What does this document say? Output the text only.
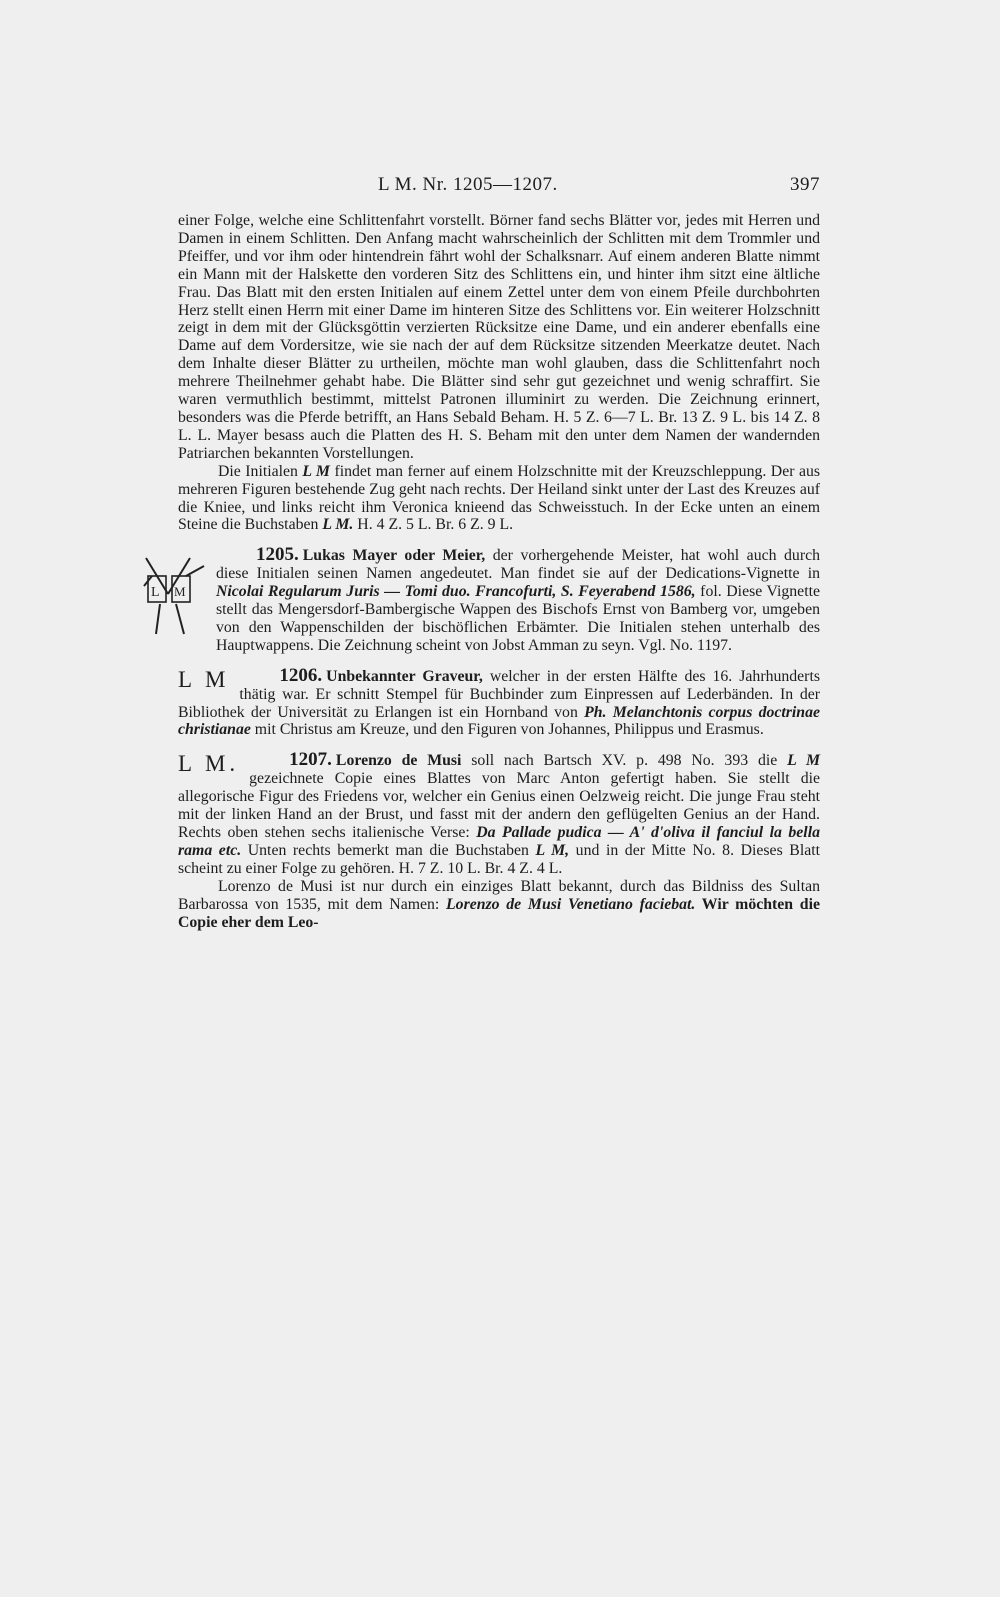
L M. Nr. 1205—1207.	397

einer Folge, welche eine Schlittenfahrt vorstellt. Börner fand sechs Blätter vor, jedes mit Herren und Damen in einem Schlitten. Den Anfang macht wahrscheinlich der Schlitten mit dem Trommler und Pfeiffer, und vor ihm oder hintendrein fährt wohl der Schalksnarr. Auf einem anderen Blatte nimmt ein Mann mit der Halskette den vorderen Sitz des Schlittens ein, und hinter ihm sitzt eine ältliche Frau. Das Blatt mit den ersten Initialen auf einem Zettel unter dem von einem Pfeile durchbohrten Herz stellt einen Herrn mit einer Dame im hinteren Sitze des Schlittens vor. Ein weiterer Holzschnitt zeigt in dem mit der Glücksgöttin verzierten Rücksitze eine Dame, und ein anderer ebenfalls eine Dame auf dem Vordersitze, wie sie nach der auf dem Rücksitze sitzenden Meerkatze deutet. Nach dem Inhalte dieser Blätter zu urtheilen, möchte man wohl glauben, dass die Schlittenfahrt noch mehrere Theilnehmer gehabt habe. Die Blätter sind sehr gut gezeichnet und wenig schraffirt. Sie waren vermuthlich bestimmt, mittelst Patronen illuminirt zu werden. Die Zeichnung erinnert, besonders was die Pferde betrifft, an Hans Sebald Beham. H. 5 Z. 6—7 L. Br. 13 Z. 9 L. bis 14 Z. 8 L. L. Mayer besass auch die Platten des H. S. Beham mit den unter dem Namen der wandernden Patriarchen bekannten Vorstellungen.

Die Initialen L M findet man ferner auf einem Holzschnitte mit der Kreuzschleppung. Der aus mehreren Figuren bestehende Zug geht nach rechts. Der Heiland sinkt unter der Last des Kreuzes auf die Kniee, und links reicht ihm Veronica knieend das Schweisstuch. In der Ecke unten an einem Steine die Buchstaben L M. H. 4 Z. 5 L. Br. 6 Z. 9 L.

1205. Lukas Mayer oder Meier,
L M
der vorhergehende Meister, hat wohl auch durch diese Initialen seinen Namen angedeutet. Man findet sie auf der Dedications-Vignette in Nicolai Regularum Juris — Tomi duo. Francofurti, S. Feyerabend 1586, fol. Diese Vignette stellt das Mengersdorf-Bambergische Wappen des Bischofs Ernst von Bamberg vor, umgeben von den Wappenschilden der bischöflichen Erbämter. Die Initialen stehen unterhalb des Hauptwappens. Die Zeichnung scheint von Jobst Amman zu seyn. Vgl. No. 1197.

1206. Unbekannter Graveur,
L M	welcher in der ersten Hälfte des 16. Jahrhunderts thätig war. Er schnitt Stempel für Buchbinder zum Einpressen auf Lederbänden. In der Bibliothek der Universität zu Erlangen ist ein Hornband von Ph. Melanchtonis corpus doctrinae christianae mit Christus am Kreuze, und den Figuren von Johannes, Philippus und Erasmus.

1207. Lorenzo de Musi
L M.	soll nach Bartsch XV. p. 498 No. 393 die L M gezeichnete Copie eines Blattes von Marc Anton gefertigt haben. Sie stellt die allegorische Figur des Friedens vor, welcher ein Genius einen Oelzweig reicht. Die junge Frau steht mit der linken Hand an der Brust, und fasst mit der andern den geflügelten Genius an der Hand. Rechts oben stehen sechs italienische Verse: Da Pallade pudica — A' d'oliva il fanciul la bella rama etc. Unten rechts bemerkt man die Buchstaben L M, und in der Mitte No. 8. Dieses Blatt scheint zu einer Folge zu gehören. H. 7 Z. 10 L. Br. 4 Z. 4 L.

Lorenzo de Musi ist nur durch ein einziges Blatt bekannt, durch das Bildniss des Sultan Barbarossa von 1535, mit dem Namen: Lorenzo de Musi Venetiano faciebat. Wir möchten die Copie eher dem Leo-
